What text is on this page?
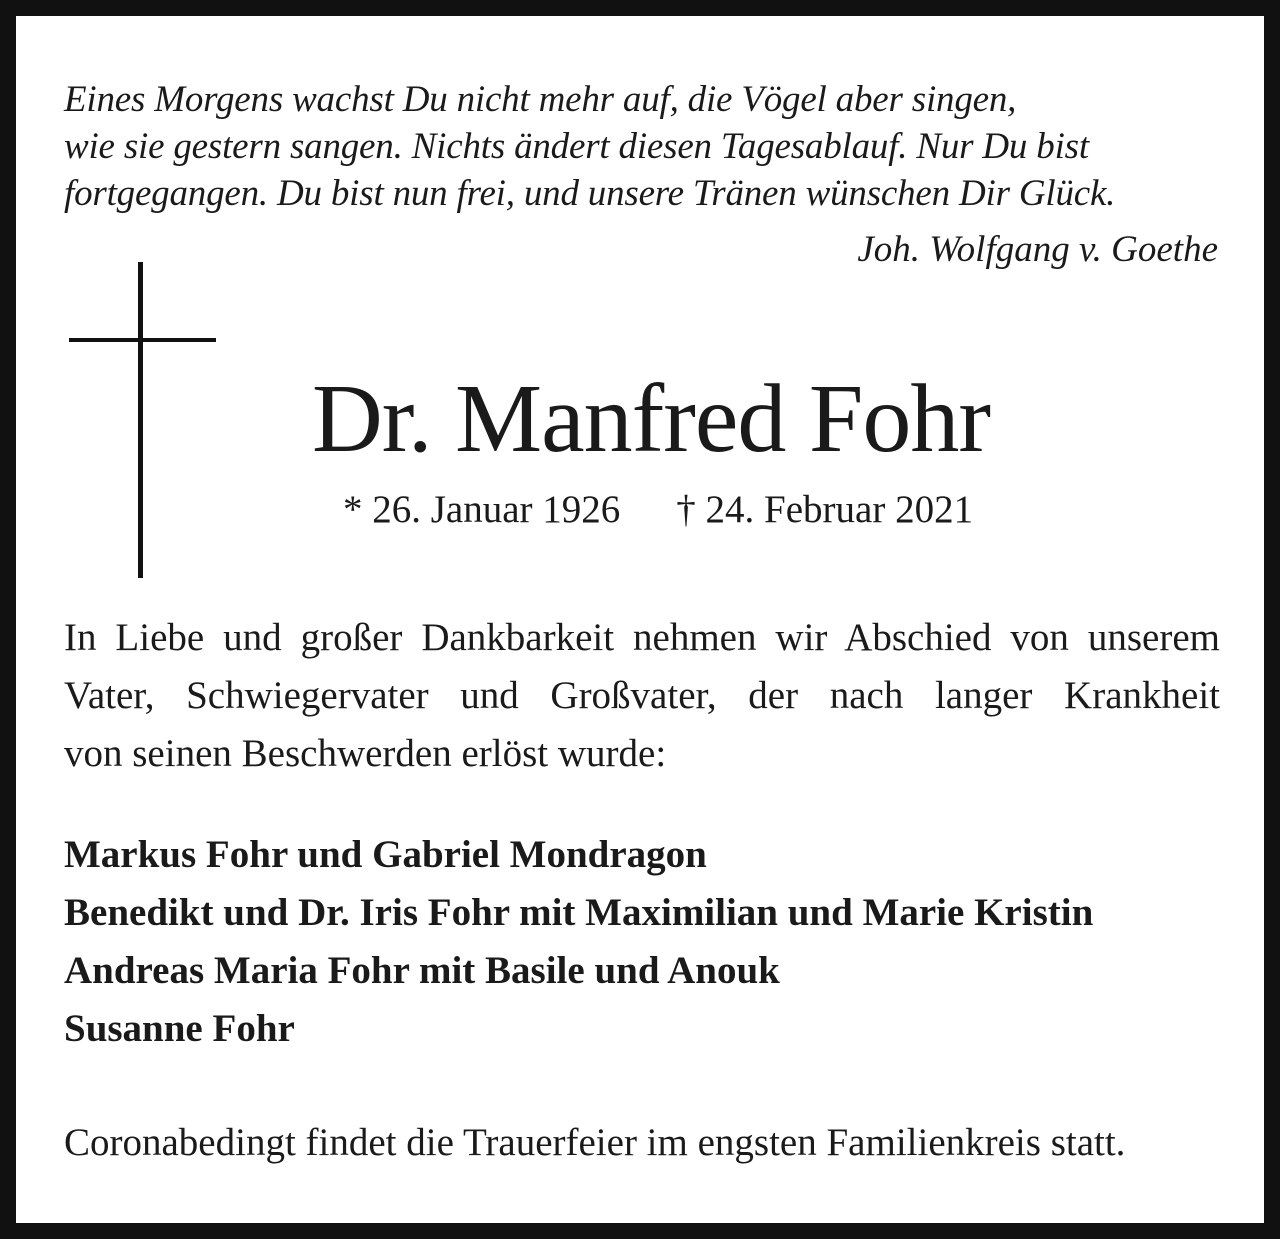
Eines Morgens wachst Du nicht mehr auf, die Vögel aber singen,
wie sie gestern sangen. Nichts ändert diesen Tagesablauf. Nur Du bist
fortgegangen. Du bist nun frei, und unsere Tränen wünschen Dir Glück.
Joh. Wolfgang v. Goethe
Dr. Manfred Fohr
* 26. Januar 1926 † 24. Februar 2021
In Liebe und großer Dankbarkeit nehmen wir Abschied von unserem
Vater, Schwiegervater und Großvater, der nach langer Krankheit
von seinen Beschwerden erlöst wurde:
Markus Fohr und Gabriel Mondragon
Benedikt und Dr. Iris Fohr mit Maximilian und Marie Kristin
Andreas Maria Fohr mit Basile und Anouk
Susanne Fohr
Coronabedingt findet die Trauerfeier im engsten Familienkreis statt.
